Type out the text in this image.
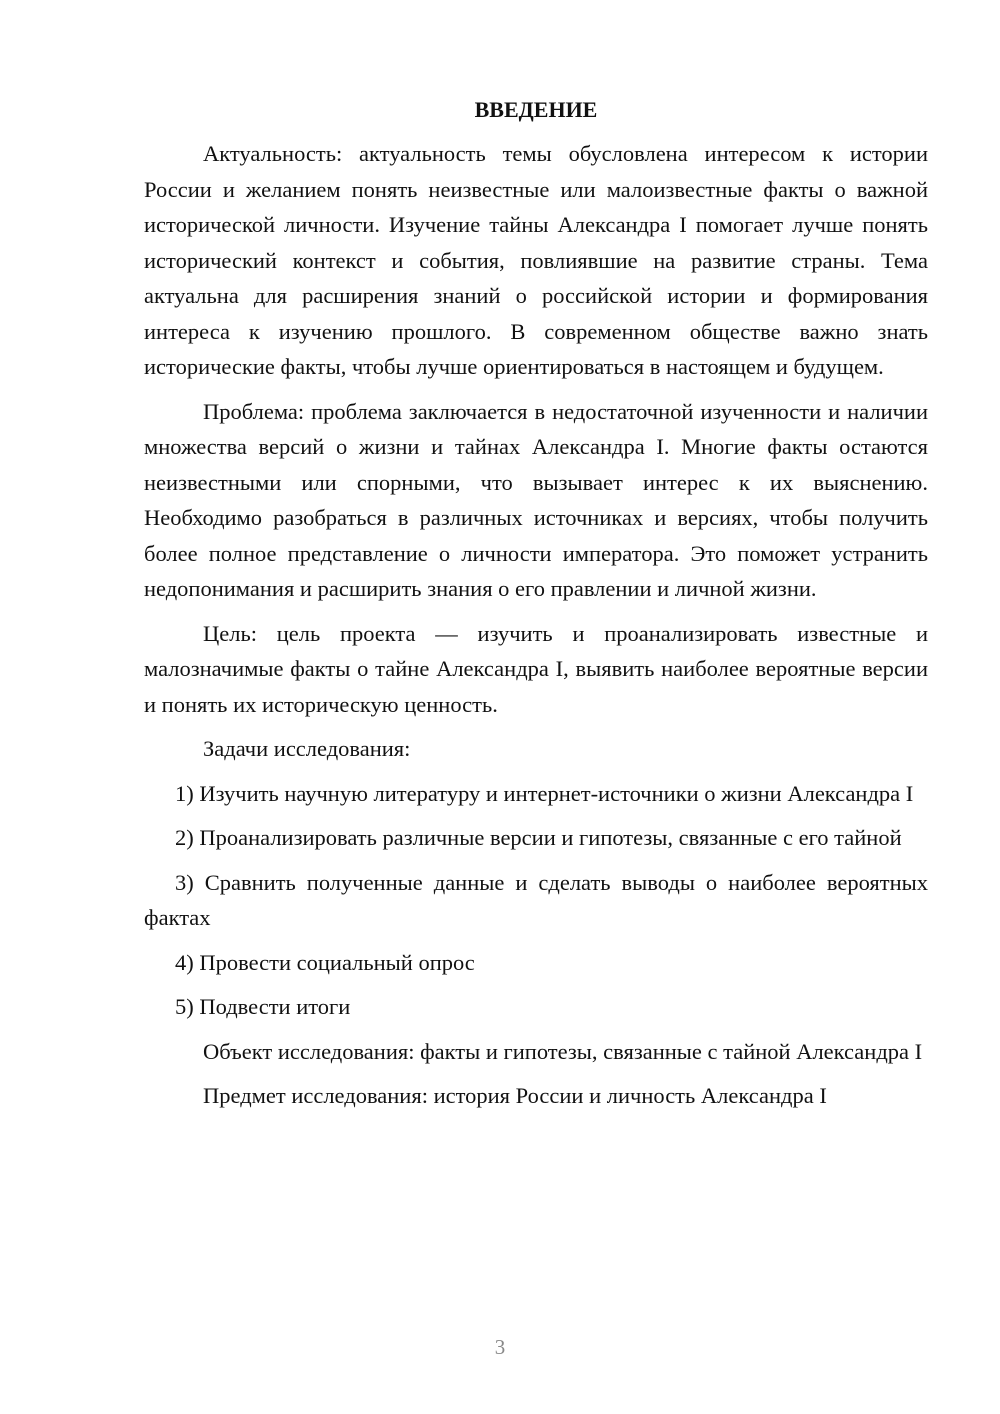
ВВЕДЕНИЕ

Актуальность: актуальность темы обусловлена интересом к истории России и желанием понять неизвестные или малоизвестные факты о важной исторической личности. Изучение тайны Александра I помогает лучше понять исторический контекст и события, повлиявшие на развитие страны. Тема актуальна для расширения знаний о российской истории и формирования интереса к изучению прошлого. В современном обществе важно знать исторические факты, чтобы лучше ориентироваться в настоящем и будущем.

Проблема: проблема заключается в недостаточной изученности и наличии множества версий о жизни и тайнах Александра I. Многие факты остаются неизвестными или спорными, что вызывает интерес к их выяснению. Необходимо разобраться в различных источниках и версиях, чтобы получить более полное представление о личности императора. Это поможет устранить недопонимания и расширить знания о его правлении и личной жизни.

Цель: цель проекта — изучить и проанализировать известные и малозначимые факты о тайне Александра I, выявить наиболее вероятные версии и понять их историческую ценность.

Задачи исследования:

1) Изучить научную литературу и интернет-источники о жизни Александра I

2) Проанализировать различные версии и гипотезы, связанные с его тайной

3) Сравнить полученные данные и сделать выводы о наиболее вероятных фактах

4) Провести социальный опрос

5) Подвести итоги

Объект исследования: факты и гипотезы, связанные с тайной Александра I

Предмет исследования: история России и личность Александра I

3
